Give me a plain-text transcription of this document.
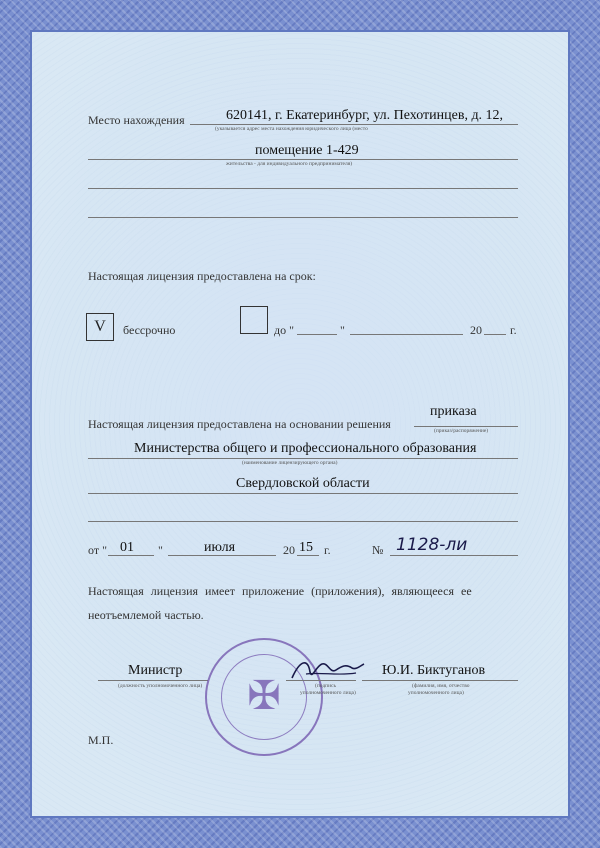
Место нахождения	620141, г. Екатеринбург, ул. Пехотинцев, д. 12,
(указывается адрес места нахождения юридического лица (место
помещение 1-429
жительства - для индивидуального предпринимателя)
Настоящая лицензия предоставлена на срок:
V	бессрочно	до "	"	20 г.
Настоящая лицензия предоставлена на основании решения
приказа
(приказ/распоряжение)
Министерства общего и профессионального образования
(наименование лицензирующего органа)
Свердловской области
от " 01 "	июля	20 15 г.	№ 1128-ли
Настоящая лицензия имеет приложение (приложения), являющееся ее
неотъемлемой частью.
Министр
(должность уполномоченного лица) ✠	(подпись
уполномоченного лица)
Ю.И. Биктуганов
(фамилия, имя, отчество
уполномоченного лица)
М.П.
